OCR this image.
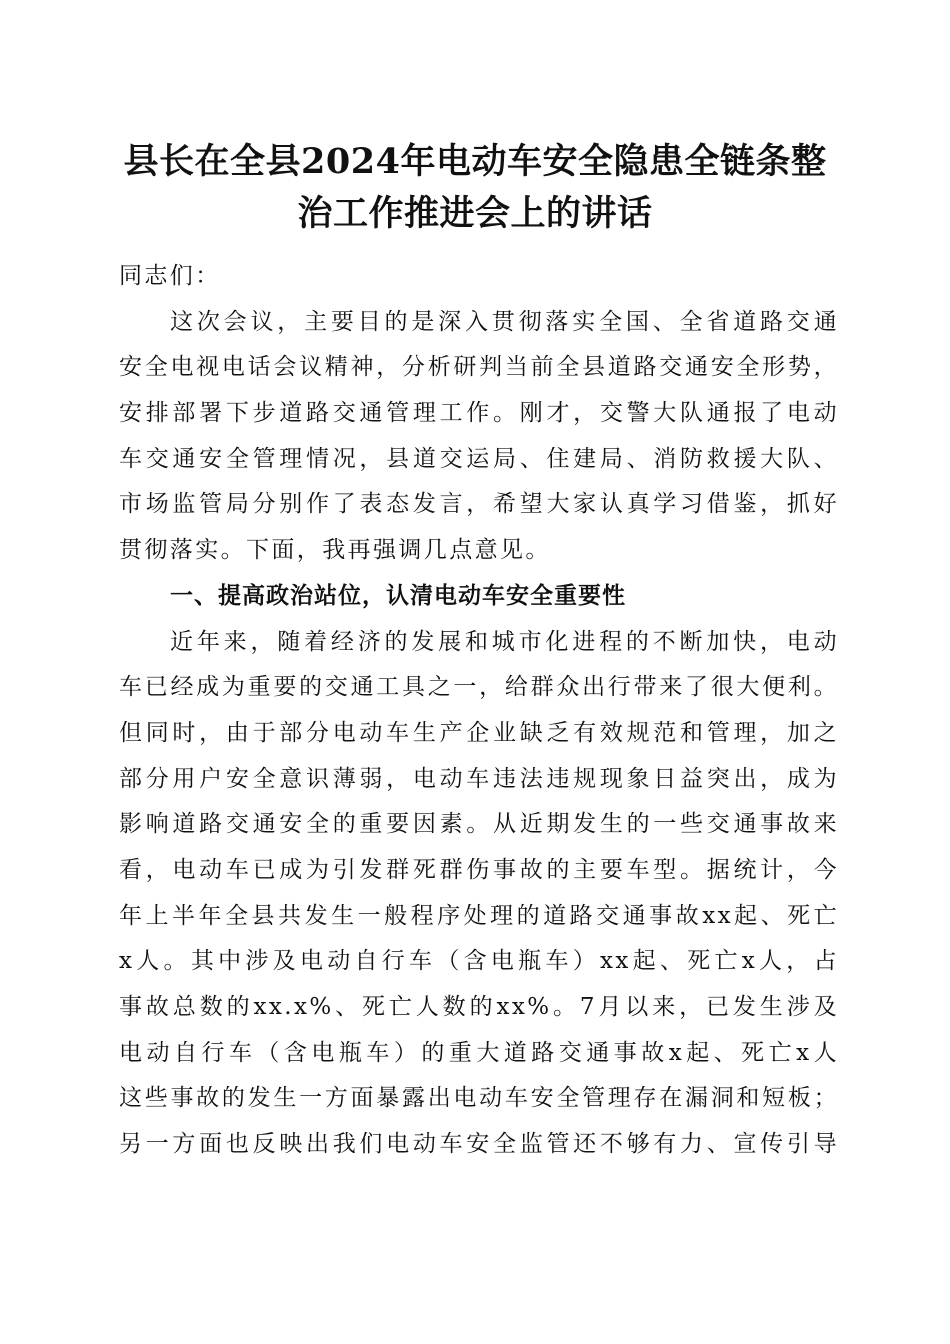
县长在全县2024年电动车安全隐患全链条整
治工作推进会上的讲话
同志们：
这次会议，主要目的是深入贯彻落实全国、全省道路交通
安全电视电话会议精神，分析研判当前全县道路交通安全形势，
安排部署下步道路交通管理工作。刚才，交警大队通报了电动
车交通安全管理情况，县道交运局、住建局、消防救援大队、
市场监管局分别作了表态发言，希望大家认真学习借鉴，抓好
贯彻落实。下面，我再强调几点意见。
一、提高政治站位，认清电动车安全重要性
近年来，随着经济的发展和城市化进程的不断加快，电动
车已经成为重要的交通工具之一，给群众出行带来了很大便利。
但同时，由于部分电动车生产企业缺乏有效规范和管理，加之
部分用户安全意识薄弱，电动车违法违规现象日益突出，成为
影响道路交通安全的重要因素。从近期发生的一些交通事故来
看，电动车已成为引发群死群伤事故的主要车型。据统计，今
年上半年全县共发生一般程序处理的道路交通事故xx起、死亡
x人。其中涉及电动自行车（含电瓶车）xx起、死亡x人，占
事故总数的xx.x%、死亡人数的xx%。7月以来，已发生涉及
电动自行车（含电瓶车）的重大道路交通事故x起、死亡x人
这些事故的发生一方面暴露出电动车安全管理存在漏洞和短板；
另一方面也反映出我们电动车安全监管还不够有力、宣传引导
